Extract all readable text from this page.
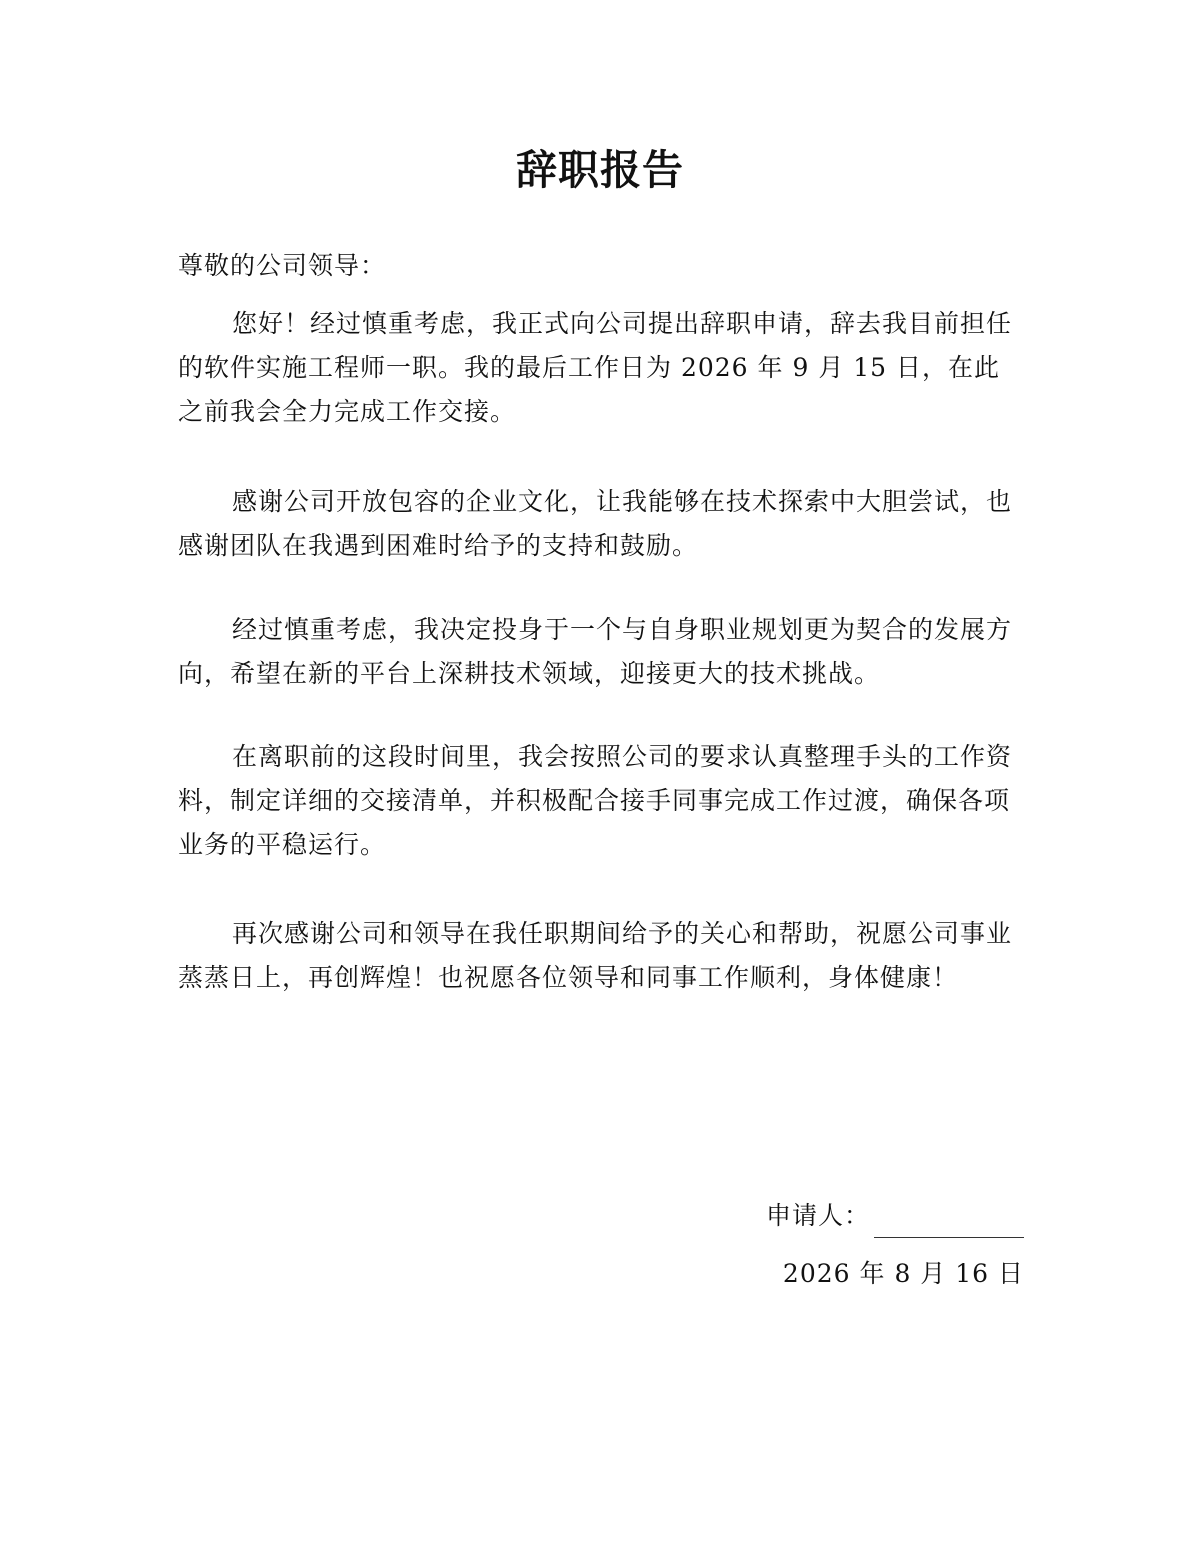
辞职报告

尊敬的公司领导：

您好！经过慎重考虑，我正式向公司提出辞职申请，辞去我目前担任的软件实施工程师一职。我的最后工作日为 2026 年 9 月 15 日，在此之前我会全力完成工作交接。

感谢公司开放包容的企业文化，让我能够在技术探索中大胆尝试，也感谢团队在我遇到困难时给予的支持和鼓励。

经过慎重考虑，我决定投身于一个与自身职业规划更为契合的发展方向，希望在新的平台上深耕技术领域，迎接更大的技术挑战。

在离职前的这段时间里，我会按照公司的要求认真整理手头的工作资料，制定详细的交接清单，并积极配合接手同事完成工作过渡，确保各项业务的平稳运行。

再次感谢公司和领导在我任职期间给予的关心和帮助，祝愿公司事业蒸蒸日上，再创辉煌！也祝愿各位领导和同事工作顺利，身体健康！

申请人：
2026 年 8 月 16 日
